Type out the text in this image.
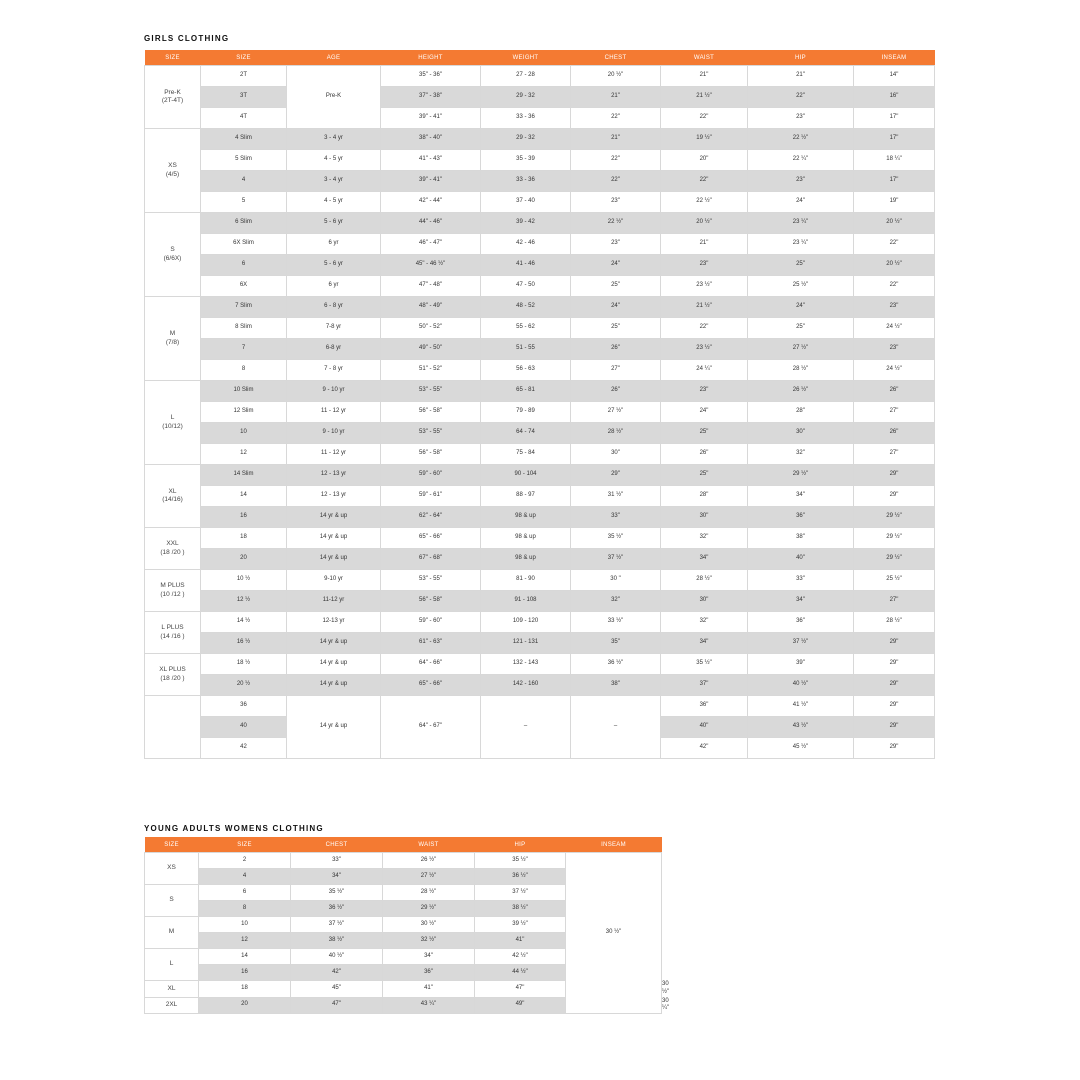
GIRLS CLOTHING
SIZE	SIZE	AGE	HEIGHT	WEIGHT	CHEST	WAIST	HIP	INSEAM
Pre-K
(2T-4T)	2T	Pre-K	35" - 36"	27 - 28	20 ½"	21"	21"	14"
	3T		37" - 38"	29 - 32	21"	21 ½"	22"	16"
	4T		39" - 41"	33 - 36	22"	22"	23"	17"
XS
(4/5)	4 Slim	3 - 4 yr	38" - 40"	29 - 32	21"	19 ½"	22 ½"	17"
	5 Slim	4 - 5 yr	41" - 43"	35 - 39	22"	20"	22 ¼"	18 ¼"
	4	3 - 4 yr	39" - 41"	33 - 36	22"	22"	23"	17"
	5	4 - 5 yr	42" - 44"	37 - 40	23"	22 ½"	24"	19"
S
(6/6X)	6 Slim	5 - 6 yr	44" - 46"	39 - 42	22 ½"	20 ½"	23 ¼"	20 ½"
	6X Slim	6 yr	46" - 47"	42 - 46	23"	21"	23 ¼"	22"
	6	5 - 6 yr	45" - 46 ½"	41 - 46	24"	23"	25"	20 ½"
	6X	6 yr	47" - 48"	47 - 50	25"	23 ½"	25 ½"	22"
M
(7/8)	7 Slim	6 - 8 yr	48" - 49"	48 - 52	24"	21 ½"	24"	23"
	8 Slim	7-8 yr	50" - 52"	55 - 62	25"	22"	25"	24 ½"
	7	6-8 yr	49" - 50"	51 - 55	26"	23 ½"	27 ½"	23"
	8	7 - 8 yr	51" - 52"	56 - 63	27"	24 ¼"	28 ½"	24 ½"
L
(10/12)	10 Slim	9 - 10 yr	53" - 55"	65 - 81	26"	23"	26 ½"	26"
	12 Slim	11 - 12 yr	56" - 58"	79 - 89	27 ½"	24"	28"	27"
	10	9 - 10 yr	53" - 55"	64 - 74	28 ½"	25"	30"	26"
	12	11 - 12 yr	56" - 58"	75 - 84	30"	26"	32"	27"
XL
(14/16)	14 Slim	12 - 13 yr	59" - 60"	90 - 104	29"	25"	29 ½"	29"
	14	12 - 13 yr	59" - 61"	88 - 97	31 ½"	28"	34"	29"
	16	14 yr & up	62" - 64"	98 & up	33"	30"	36"	29 ½"
XXL
(18 /20 )	18	14 yr & up	65" - 66"	98 & up	35 ½"	32"	38"	29 ½"
	20	14 yr & up	67" - 68"	98 & up	37 ½"	34"	40"	29 ½"
M PLUS
(10 /12 )	10 ½	9-10 yr	53" - 55"	81 - 90	30 "	28 ½"	33"	25 ½"
	12 ½	11-12 yr	56" - 58"	91 - 108	32"	30"	34"	27"
L PLUS
(14 /16 )	14 ½	12-13 yr	59" - 60"	109 - 120	33 ½"	32"	36"	28 ½"
	16 ½	14 yr & up	61" - 63"	121 - 131	35"	34"	37 ½"	29"
XL PLUS
(18 /20 )	18 ½	14 yr & up	64" - 66"	132 - 143	36 ½"	35 ½"	39"	29"
	20 ½	14 yr & up	65" - 66"	142 - 160	38"	37"	40 ½"	29"
	36	14 yr & up	64" - 67"	–	–	36"	41 ½"	29"
	40					40"	43 ½"	29"
	42					42"	45 ½"	29"
YOUNG ADULTS WOMENS CLOTHING
SIZE	SIZE	CHEST	WAIST	HIP	INSEAM	
XS	2	33"	26 ½"	35 ½"	30 ½"	
	4	34"	27 ½"	36 ½"		
S	6	35 ½"	28 ½"	37 ½"		
	8	36 ½"	29 ½"	38 ½"		
M	10	37 ½"	30 ½"	39 ½"		
	12	38 ½"	32 ½"	41"		
L	14	40 ½"	34"	42 ½"		
	16	42"	36"	44 ½"		
XL	18	45"	41"	47"		30 ½"
2XL	20	47"	43 ¼"	49"		30 ¼"
